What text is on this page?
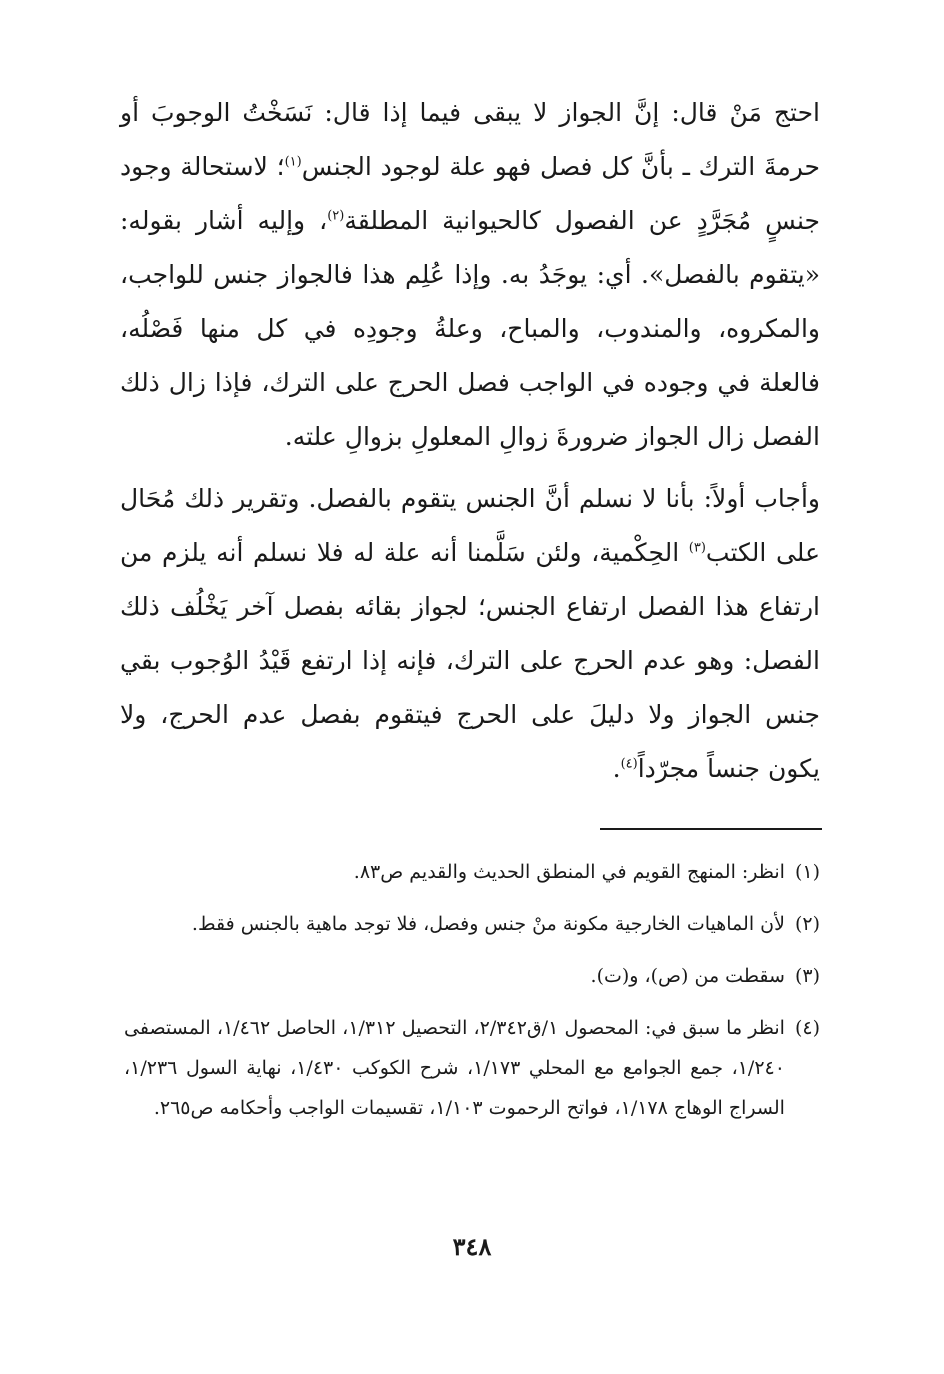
احتج مَنْ قال: إنَّ الجواز لا يبقى فيما إذا قال: نَسَخْتُ الوجوبَ أو حرمةَ الترك ـ بأنَّ كل فصل فهو علة لوجود الجنس$^{(١)}$؛ لاستحالة وجود جنسٍ مُجَرَّدٍ عن الفصول كالحيوانية المطلقة$^{(٢)}$، وإليه أشار بقوله: «يتقوم بالفصل». أي: يوجَدُ به. وإذا عُلِم هذا فالجواز جنس للواجب، والمكروه، والمندوب، والمباح، وعلةُ وجودِه في كل منها فَصْلُه، فالعلة في وجوده في الواجب فصل الحرج على الترك، فإذا زال ذلك الفصل زال الجواز ضرورةَ زوالِ المعلولِ بزوالِ علته.

وأجاب أولاً: بأنا لا نسلم أنَّ الجنس يتقوم بالفصل. وتقرير ذلك مُحَال على الكتب$^{(٣)}$ الحِكْمية، ولئن سَلَّمنا أنه علة له فلا نسلم أنه يلزم من ارتفاع هذا الفصل ارتفاع الجنس؛ لجواز بقائه بفصل آخر يَخْلُف ذلك الفصل: وهو عدم الحرج على الترك، فإنه إذا ارتفع قَيْدُ الوُجوب بقي جنس الجواز ولا دليلَ على الحرج فيتقوم بفصل عدم الحرج، ولا يكون جنساً مجرّداً$^{(٤)}$.

(١)
انظر: المنهج القويم في المنطق الحديث والقديم ص٨٣.
(٢)
لأن الماهيات الخارجية مكونة منْ جنس وفصل، فلا توجد ماهية بالجنس فقط.
(٣)
سقطت من (ص)، و(ت).
(٤)
انظر ما سبق في: المحصول ١/ق٢/٣٤٢، التحصيل ١/٣١٢، الحاصل ١/٤٦٢، المستصفى ١/٢٤٠، جمع الجوامع مع المحلي ١/١٧٣، شرح الكوكب ١/٤٣٠، نهاية السول ١/٢٣٦، السراج الوهاج ١/١٧٨، فواتح الرحموت ١/١٠٣، تقسيمات الواجب وأحكامه ص٢٦٥.
٣٤٨
